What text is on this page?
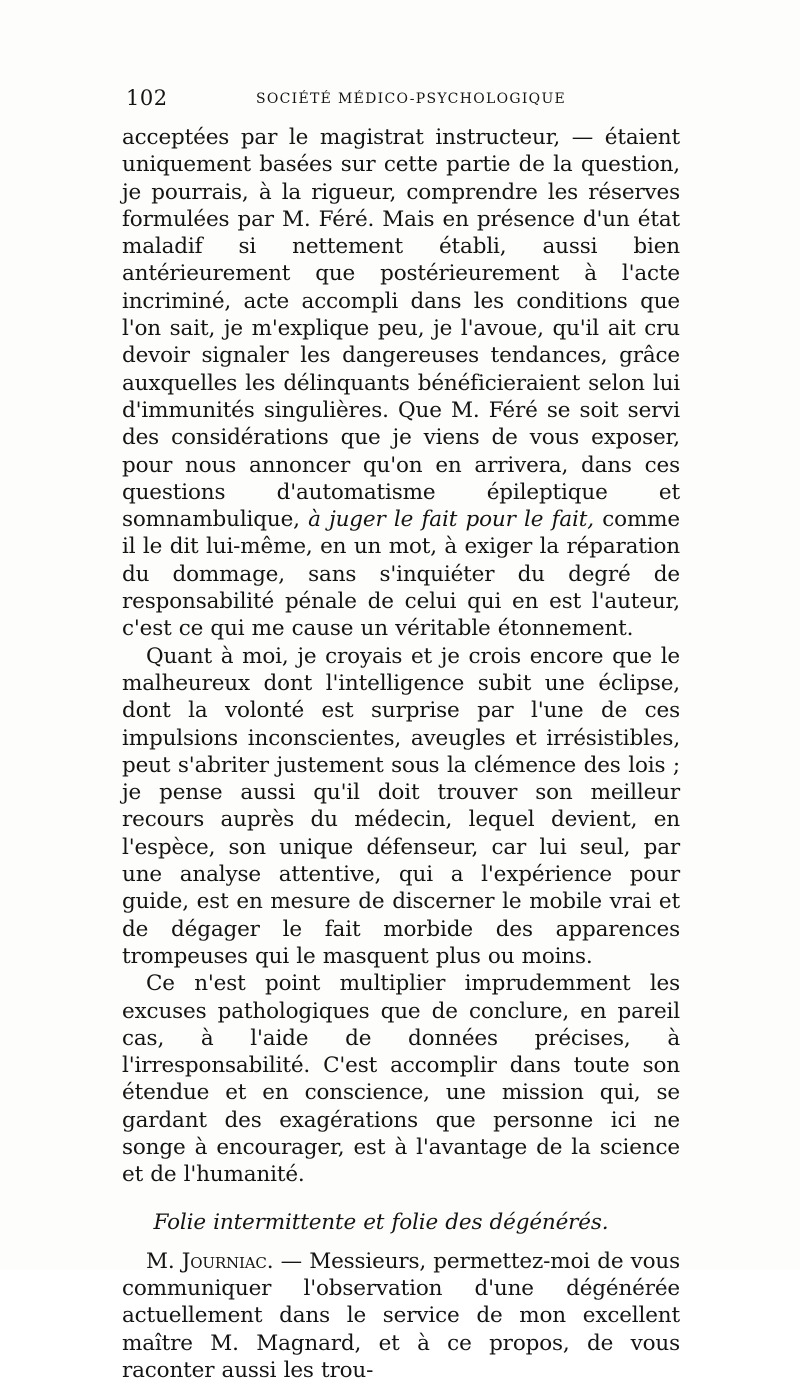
102	SOCIÉTÉ MÉDICO-PSYCHOLOGIQUE

acceptées par le magistrat instructeur, — étaient uniquement basées sur cette partie de la question, je pourrais, à la rigueur, comprendre les réserves formulées par M. Féré. Mais en présence d'un état maladif si nettement établi, aussi bien antérieurement que postérieurement à l'acte incriminé, acte accompli dans les conditions que l'on sait, je m'explique peu, je l'avoue, qu'il ait cru devoir signaler les dangereuses tendances, grâce auxquelles les délinquants bénéficieraient selon lui d'immunités singulières. Que M. Féré se soit servi des considérations que je viens de vous exposer, pour nous annoncer qu'on en arrivera, dans ces questions d'automatisme épileptique et somnambulique, à juger le fait pour le fait, comme il le dit lui-même, en un mot, à exiger la réparation du dommage, sans s'inquiéter du degré de responsabilité pénale de celui qui en est l'auteur, c'est ce qui me cause un véritable étonnement.

Quant à moi, je croyais et je crois encore que le malheureux dont l'intelligence subit une éclipse, dont la volonté est surprise par l'une de ces impulsions inconscientes, aveugles et irrésistibles, peut s'abriter justement sous la clémence des lois ; je pense aussi qu'il doit trouver son meilleur recours auprès du médecin, lequel devient, en l'espèce, son unique défenseur, car lui seul, par une analyse attentive, qui a l'expérience pour guide, est en mesure de discerner le mobile vrai et de dégager le fait morbide des apparences trompeuses qui le masquent plus ou moins.

Ce n'est point multiplier imprudemment les excuses pathologiques que de conclure, en pareil cas, à l'aide de données précises, à l'irresponsabilité. C'est accomplir dans toute son étendue et en conscience, une mission qui, se gardant des exagérations que personne ici ne songe à encourager, est à l'avantage de la science et de l'humanité.

Folie intermittente et folie des dégénérés.

M. Journiac. — Messieurs, permettez-moi de vous communiquer l'observation d'une dégénérée actuellement dans le service de mon excellent maître M. Magnard, et à ce propos, de vous raconter aussi les trou-
